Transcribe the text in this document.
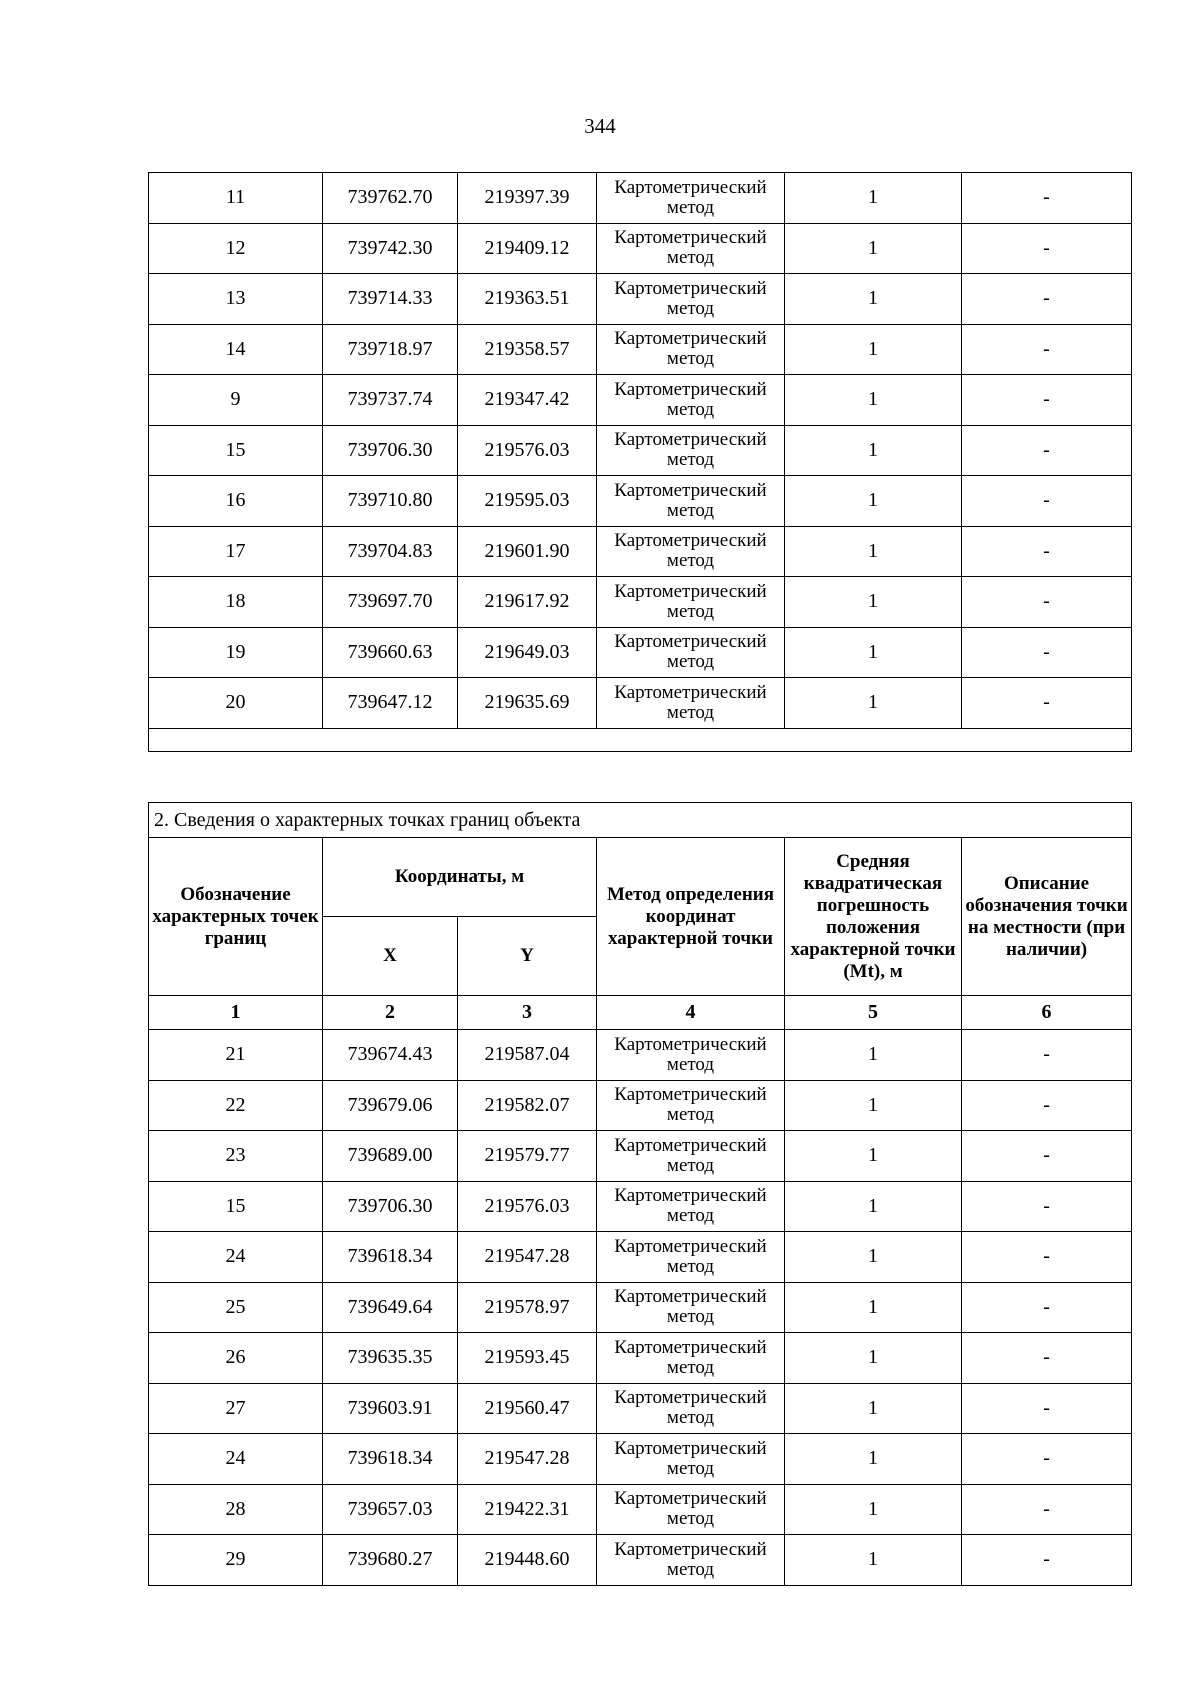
344
11	739762.70	219397.39	Картометрический метод	1	-
12	739742.30	219409.12	Картометрический метод	1	-
13	739714.33	219363.51	Картометрический метод	1	-
14	739718.97	219358.57	Картометрический метод	1	-
9	739737.74	219347.42	Картометрический метод	1	-
15	739706.30	219576.03	Картометрический метод	1	-
16	739710.80	219595.03	Картометрический метод	1	-
17	739704.83	219601.90	Картометрический метод	1	-
18	739697.70	219617.92	Картометрический метод	1	-
19	739660.63	219649.03	Картометрический метод	1	-
20	739647.12	219635.69	Картометрический метод	1	-

2. Сведения о характерных точках границ объекта					
Обозначение характерных точек границ	Координаты, м		Метод определения координат характерной точки	Средняя квадратическая погрешность положения характерной точки (Mt), м	Описание обозначения точки на местности (при наличии)
	X	Y			
1	2	3	4	5	6
21	739674.43	219587.04	Картометрический метод	1	-
22	739679.06	219582.07	Картометрический метод	1	-
23	739689.00	219579.77	Картометрический метод	1	-
15	739706.30	219576.03	Картометрический метод	1	-
24	739618.34	219547.28	Картометрический метод	1	-
25	739649.64	219578.97	Картометрический метод	1	-
26	739635.35	219593.45	Картометрический метод	1	-
27	739603.91	219560.47	Картометрический метод	1	-
24	739618.34	219547.28	Картометрический метод	1	-
28	739657.03	219422.31	Картометрический метод	1	-
29	739680.27	219448.60	Картометрический метод	1	-
